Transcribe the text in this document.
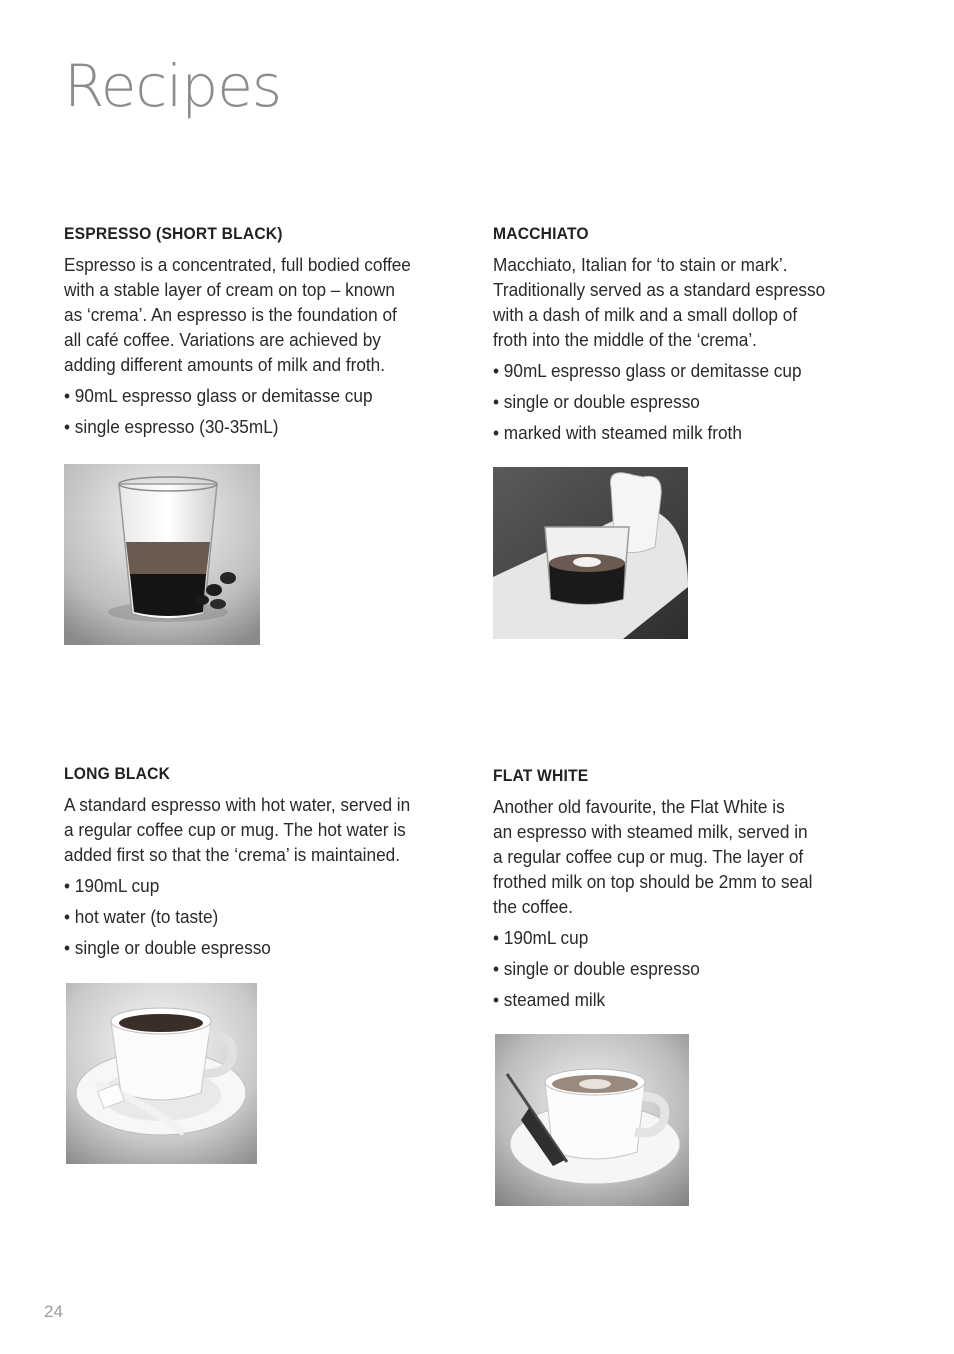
Recipes
ESPRESSO (SHORT BLACK)

Espresso is a concentrated, full bodied coffee
with a stable layer of cream on top – known
as ‘crema’. An espresso is the foundation of
all café coffee. Variations are achieved by
adding different amounts of milk and froth.

• 90mL espresso glass or demitasse cup
• single espresso (30-35mL)
MACCHIATO

Macchiato, Italian for ‘to stain or mark’.
Traditionally served as a standard espresso
with a dash of milk and a small dollop of
froth into the middle of the ‘crema’.

• 90mL espresso glass or demitasse cup
• single or double espresso
• marked with steamed milk froth
LONG BLACK

A standard espresso with hot water, served in
a regular coffee cup or mug. The hot water is
added first so that the ‘crema’ is maintained.

• 190mL cup
• hot water (to taste)
• single or double espresso
FLAT WHITE

Another old favourite, the Flat White is
an espresso with steamed milk, served in
a regular coffee cup or mug. The layer of
frothed milk on top should be 2mm to seal
the coffee.

• 190mL cup
• single or double espresso
• steamed milk
24
